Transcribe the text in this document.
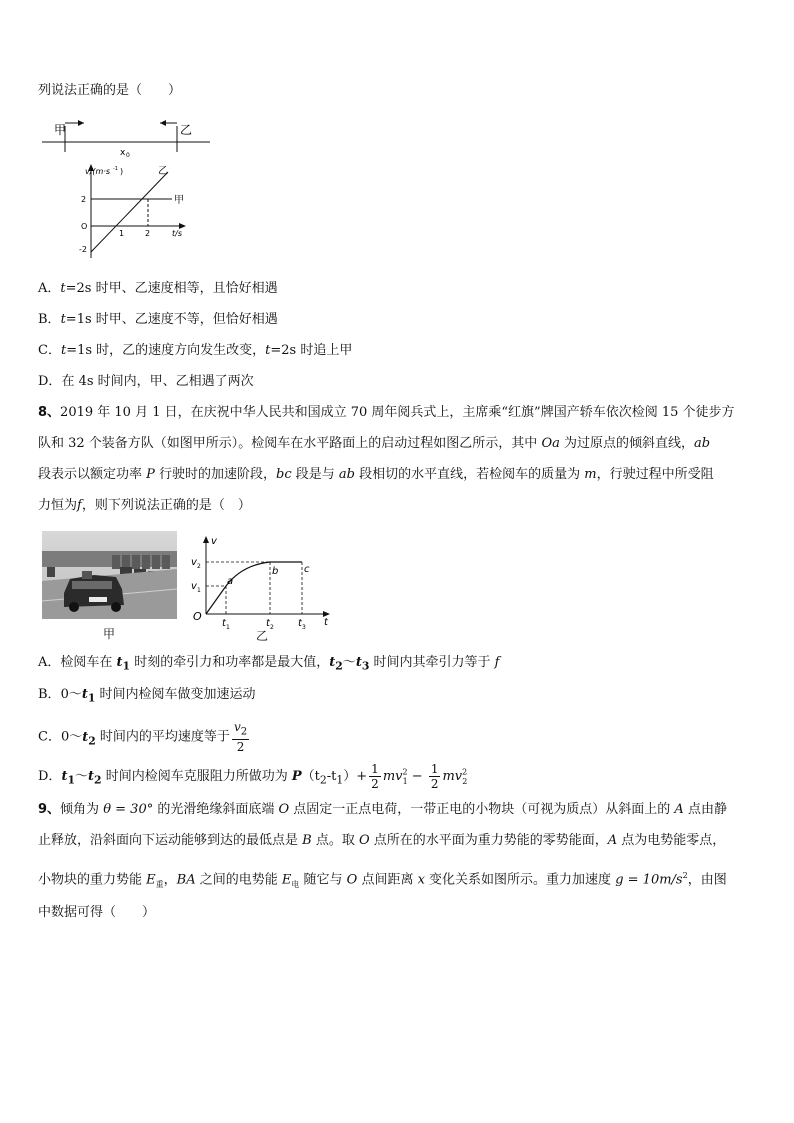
列说法正确的是（　　）
甲	乙
x 0
v/(m·s -1 )
t/s
O
2
-2
1	2
甲
乙
A．t=2s 时甲、乙速度相等，且恰好相遇
B．t=1s 时甲、乙速度不等，但恰好相遇
C．t=1s 时，乙的速度方向发生改变，t=2s 时追上甲
D．在 4s 时间内，甲、乙相遇了两次
8、2019 年 10 月 1 日，在庆祝中华人民共和国成立 70 周年阅兵式上，主席乘“红旗”牌国产轿车依次检阅 15 个徒步方
队和 32 个装备方队（如图甲所示）。检阅车在水平路面上的启动过程如图乙所示，其中 Oa 为过原点的倾斜直线，ab
段表示以额定功率 P 行驶时的加速阶段，bc 段是与 ab 段相切的水平直线，若检阅车的质量为 m，行驶过程中所受阻
力恒为f，则下列说法正确的是（　）
甲
v
t
O
v 2
v 1
t 1	t 2 t 3
a
b	c
乙
A．检阅车在 $t_1$ 时刻的牵引力和功率都是最大值，$t_2\sim t_3$ 时间内其牵引力等于 f
B．$0\sim t_1$ 时间内检阅车做变加速运动
C．$0\sim t_2$ 时间内的平均速度等于 $\frac{v_2}{2}$
D．$t_1\sim t_2$ 时间内检阅车克服阻力所做功为 $P(t_2-t_1)+ \frac{1}{2} mv^2_1 - \frac{1}{2} mv^2_2$
9、倾角为 θ = 30° 的光滑绝缘斜面底端 O 点固定一正点电荷，一带正电的小物块（可视为质点）从斜面上的 A 点由静
止释放，沿斜面向下运动能够到达的最低点是 B 点。取 O 点所在的水平面为重力势能的零势能面，A 点为电势能零点，
小物块的重力势能 $E_重$，BA 之间的电势能 $E_电$ 随它与 O 点间距离 x 变化关系如图所示。重力加速度 $g = 10m/s^2$，由图
中数据可得（　　）
